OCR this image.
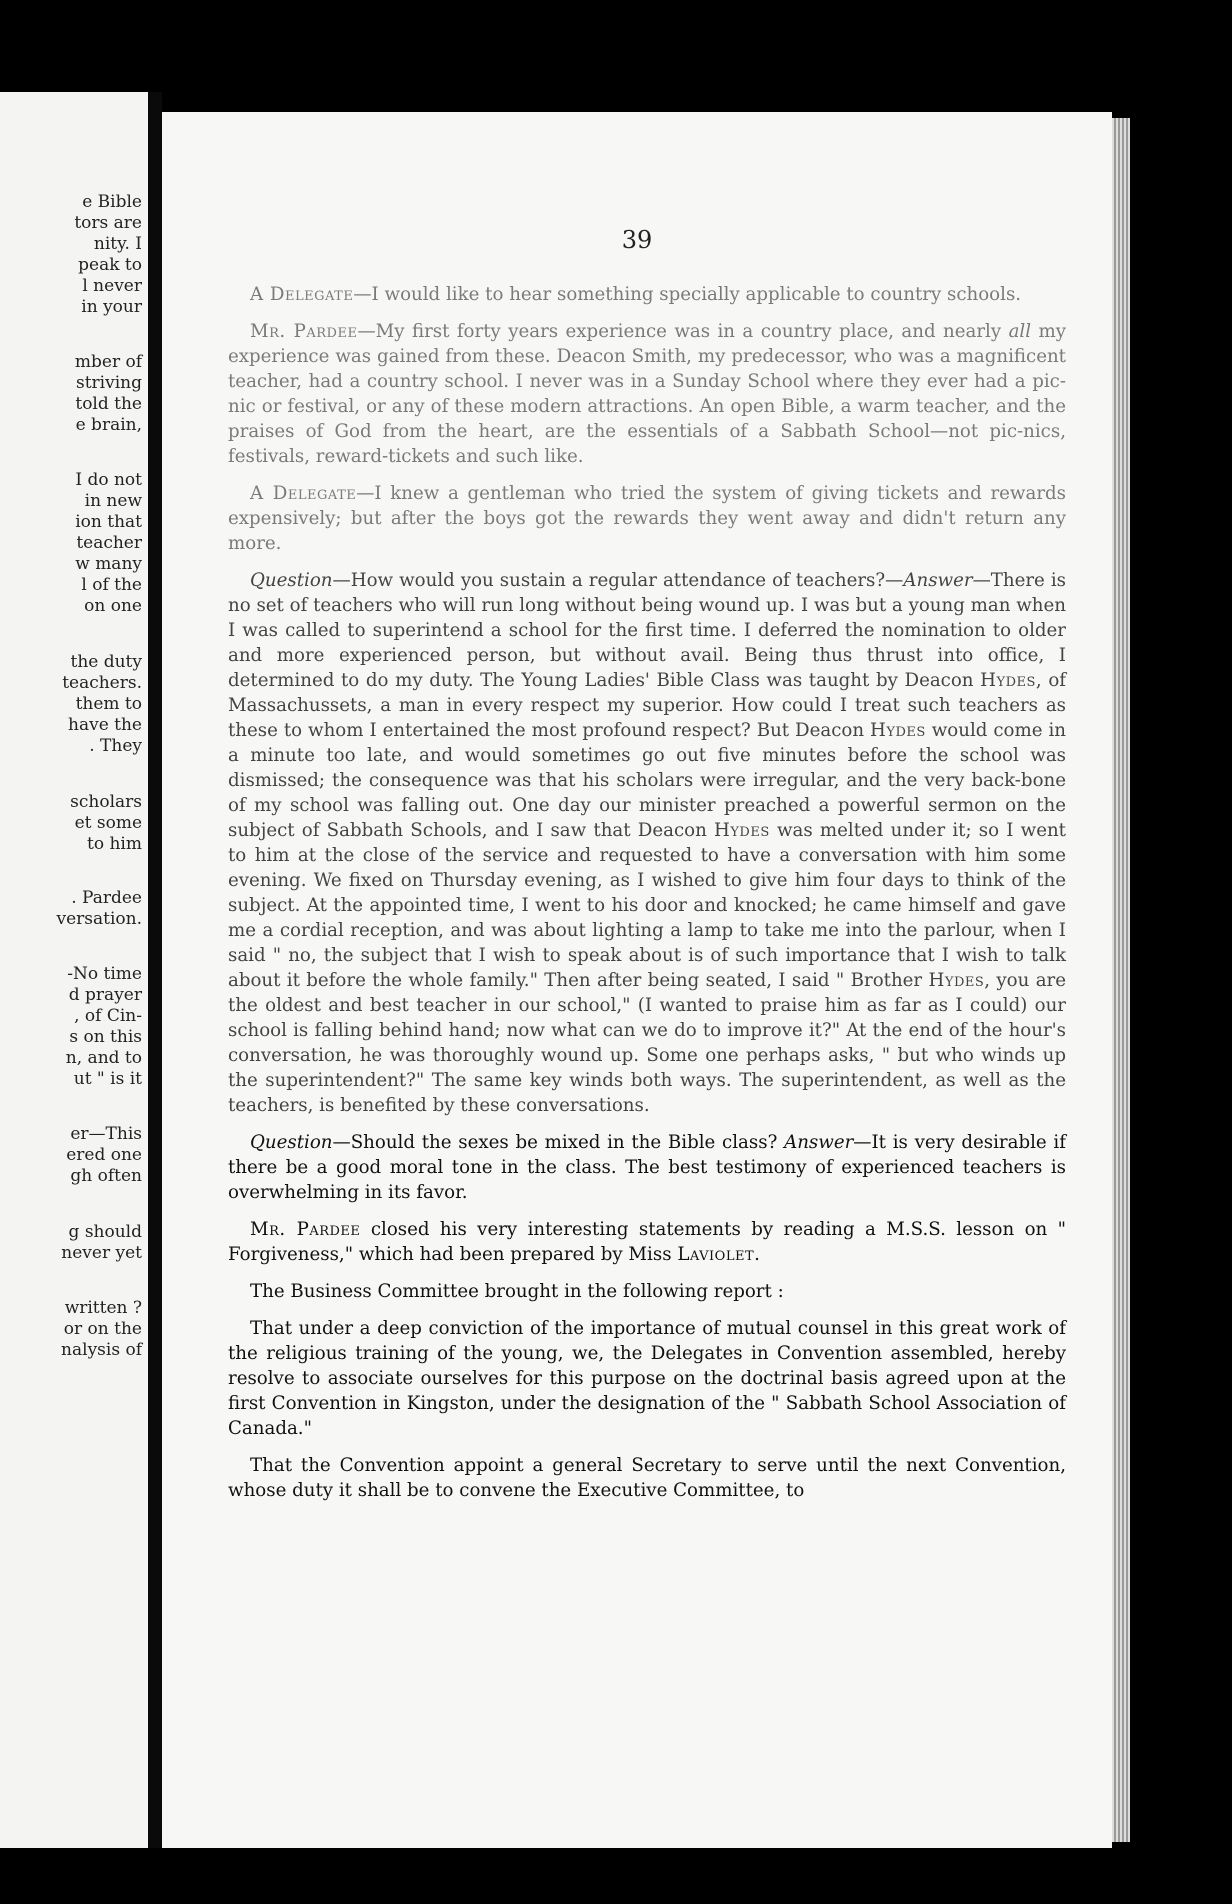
e Bible
tors are
nity. I
peak to
l never
in your
mber of
striving
told the
e brain,
I do not
in new
ion that
teacher
w many
l of the
on one
the duty
teachers.
them to
have the
. They
scholars
et some
to him
. Pardee
versation.
-No time
d prayer
, of Cin-
s on this
n, and to
ut " is it
er—This
ered one
gh often
g should
never yet
written ?
or on the
nalysis of
39

A Delegate—I would like to hear something specially applicable to country schools.

Mr. Pardee—My first forty years experience was in a country place, and nearly all my experience was gained from these. Deacon Smith, my predecessor, who was a magnificent teacher, had a country school. I never was in a Sunday School where they ever had a pic-nic or festival, or any of these modern attractions. An open Bible, a warm teacher, and the praises of God from the heart, are the essentials of a Sabbath School—not pic-nics, festivals, reward-tickets and such like.

A Delegate—I knew a gentleman who tried the system of giving tickets and rewards expensively; but after the boys got the rewards they went away and didn't return any more.

Question—How would you sustain a regular attendance of teachers?—Answer—There is no set of teachers who will run long without being wound up. I was but a young man when I was called to superintend a school for the first time. I deferred the nomination to older and more experienced person, but without avail. Being thus thrust into office, I determined to do my duty. The Young Ladies' Bible Class was taught by Deacon Hydes, of Massachussets, a man in every respect my superior. How could I treat such teachers as these to whom I entertained the most profound respect? But Deacon Hydes would come in a minute too late, and would sometimes go out five minutes before the school was dismissed; the consequence was that his scholars were irregular, and the very back-bone of my school was falling out. One day our minister preached a powerful sermon on the subject of Sabbath Schools, and I saw that Deacon Hydes was melted under it; so I went to him at the close of the service and requested to have a conversation with him some evening. We fixed on Thursday evening, as I wished to give him four days to think of the subject. At the appointed time, I went to his door and knocked; he came himself and gave me a cordial reception, and was about lighting a lamp to take me into the parlour, when I said " no, the subject that I wish to speak about is of such importance that I wish to talk about it before the whole family." Then after being seated, I said " Brother Hydes, you are the oldest and best teacher in our school," (I wanted to praise him as far as I could) our school is falling behind hand; now what can we do to improve it?" At the end of the hour's conversation, he was thoroughly wound up. Some one perhaps asks, " but who winds up the superintendent?" The same key winds both ways. The superintendent, as well as the teachers, is benefited by these conversations.

Question—Should the sexes be mixed in the Bible class? Answer—It is very desirable if there be a good moral tone in the class. The best testimony of experienced teachers is overwhelming in its favor.

Mr. Pardee closed his very interesting statements by reading a M.S.S. lesson on " Forgiveness," which had been prepared by Miss Laviolet.

The Business Committee brought in the following report :

That under a deep conviction of the importance of mutual counsel in this great work of the religious training of the young, we, the Delegates in Convention assembled, hereby resolve to associate ourselves for this purpose on the doctrinal basis agreed upon at the first Convention in Kingston, under the designation of the " Sabbath School Association of Canada."

That the Convention appoint a general Secretary to serve until the next Convention, whose duty it shall be to convene the Executive Committee, to
